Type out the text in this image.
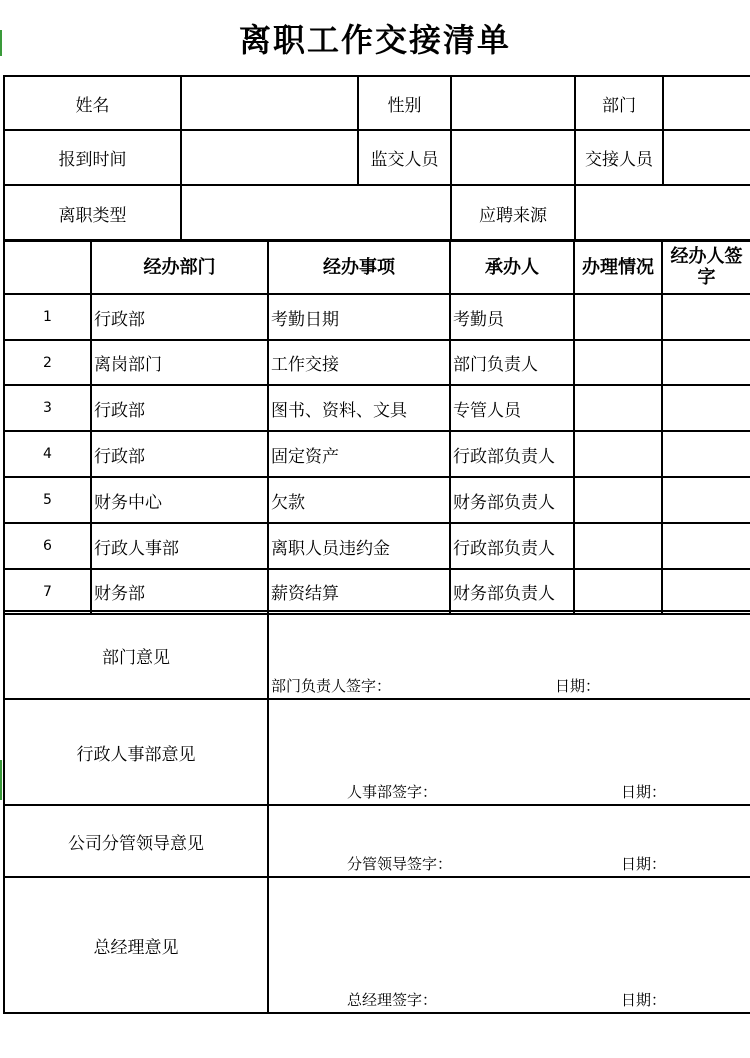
离职工作交接清单
姓名		性别		部门	
报到时间		监交人员		交接人员	
离职类型			应聘来源		
	经办部门	经办事项	承办人	办理情况	经办人签字
1	行政部	考勤日期	考勤员		
2	离岗部门	工作交接	部门负责人		
3	行政部	图书、资料、文具	专管人员		
4	行政部	固定资产	行政部负责人		
5	财务中心	欠款	财务部负责人		
6	行政人事部	离职人员违约金	行政部负责人		
7	财务部	薪资结算	财务部负责人		
部门意见	部门负责人签字： 日期：

行政人事部意见	人事部签字： 日期：

公司分管领导意见	分管领导签字： 日期：

总经理意见	总经理签字： 日期：
